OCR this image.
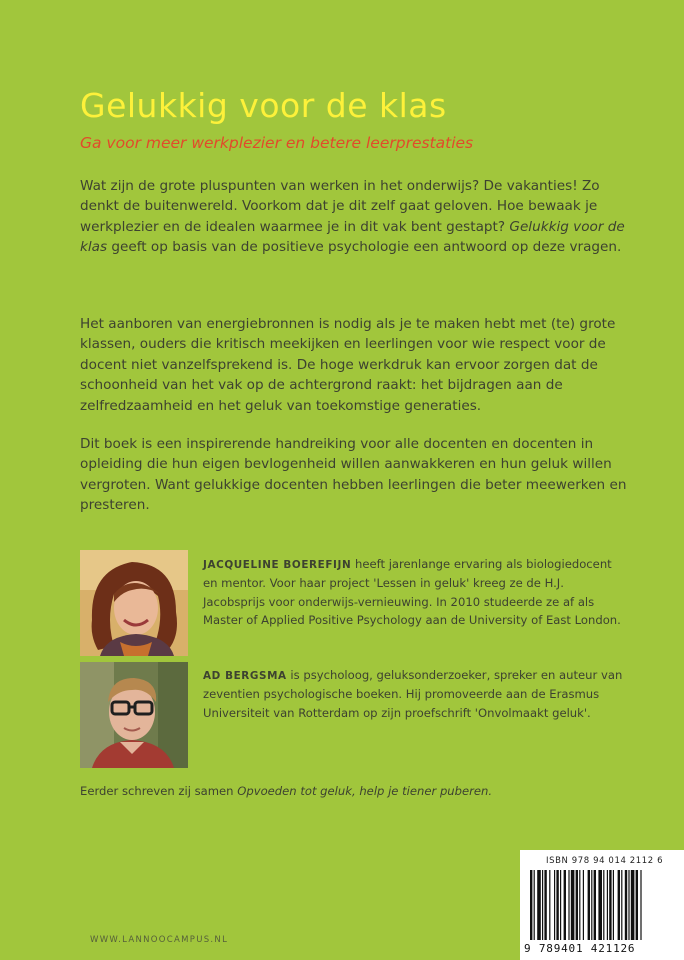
Gelukkig voor de klas

Ga voor meer werkplezier en betere leerprestaties

Wat zijn de grote pluspunten van werken in het onderwijs? De vakanties! Zo denkt de buitenwereld. Voorkom dat je dit zelf gaat geloven. Hoe bewaak je werkplezier en de idealen waarmee je in dit vak bent gestapt? Gelukkig voor de klas geeft op basis van de positieve psychologie een antwoord op deze vragen.

Het aanboren van energiebronnen is nodig als je te maken hebt met (te) grote klassen, ouders die kritisch meekijken en leerlingen voor wie respect voor de docent niet vanzelfsprekend is. De hoge werkdruk kan ervoor zorgen dat de schoonheid van het vak op de achtergrond raakt: het bijdragen aan de zelfredzaamheid en het geluk van toekomstige generaties.

Dit boek is een inspirerende handreiking voor alle docenten en docenten in opleiding die hun eigen bevlogenheid willen aanwakkeren en hun geluk willen vergroten. Want gelukkige docenten hebben leerlingen die beter meewerken en presteren.

JACQUELINE BOEREFIJN heeft jarenlange ervaring als biologiedocent en mentor. Voor haar project 'Lessen in geluk' kreeg ze de H.J. Jacobsprijs voor onderwijs-vernieuwing. In 2010 studeerde ze af als Master of Applied Positive Psychology aan de University of East London.

AD BERGSMA is psycholoog, geluksonderzoeker, spreker en auteur van zeventien psychologische boeken. Hij promoveerde aan de Erasmus Universiteit van Rotterdam op zijn proefschrift 'Onvolmaakt geluk'.

Eerder schreven zij samen Opvoeden tot geluk, help je tiener puberen.

WWW.LANNOOCAMPUS.NL

ISBN 978 94 014 2112 6

9 789401 421126
